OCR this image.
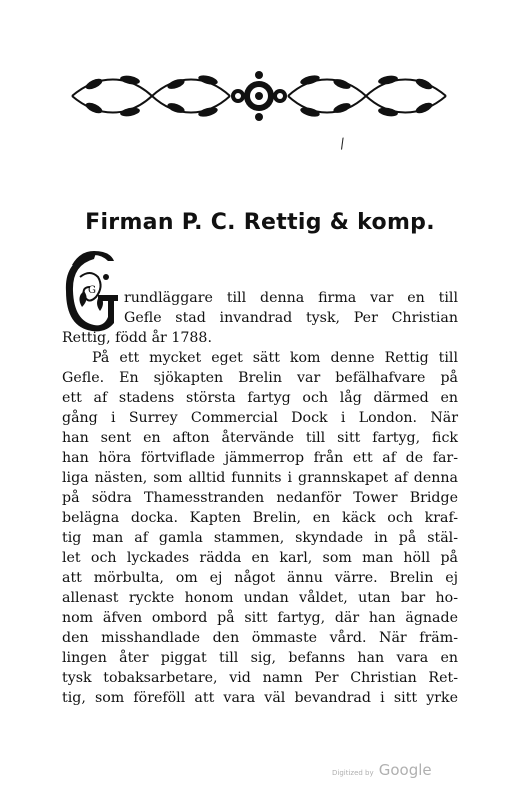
/
Firman P. C. Rettig & komp.
G rundläggare till denna firma var en till

Gefle stad invandrad tysk, Per Christian

Rettig, född år 1788.

På ett mycket eget sätt kom denne Rettig till

Gefle. En sjökapten Brelin var befälhafvare på

ett af stadens största fartyg och låg därmed en

gång i Surrey Commercial Dock i London. När

han sent en afton återvände till sitt fartyg, fick

han höra förtviflade jämmerrop från ett af de far-

liga nästen, som alltid funnits i grannskapet af denna

på södra Thamesstranden nedanför Tower Bridge

belägna docka. Kapten Brelin, en käck och kraf-

tig man af gamla stammen, skyndade in på stäl-

let och lyckades rädda en karl, som man höll på

att mörbulta, om ej något ännu värre. Brelin ej

allenast ryckte honom undan våldet, utan bar ho-

nom äfven ombord på sitt fartyg, där han ägnade

den misshandlade den ömmaste vård. När främ-

lingen åter piggat till sig, befanns han vara en

tysk tobaksarbetare, vid namn Per Christian Ret-

tig, som föreföll att vara väl bevandrad i sitt yrke

Digitized by Google
